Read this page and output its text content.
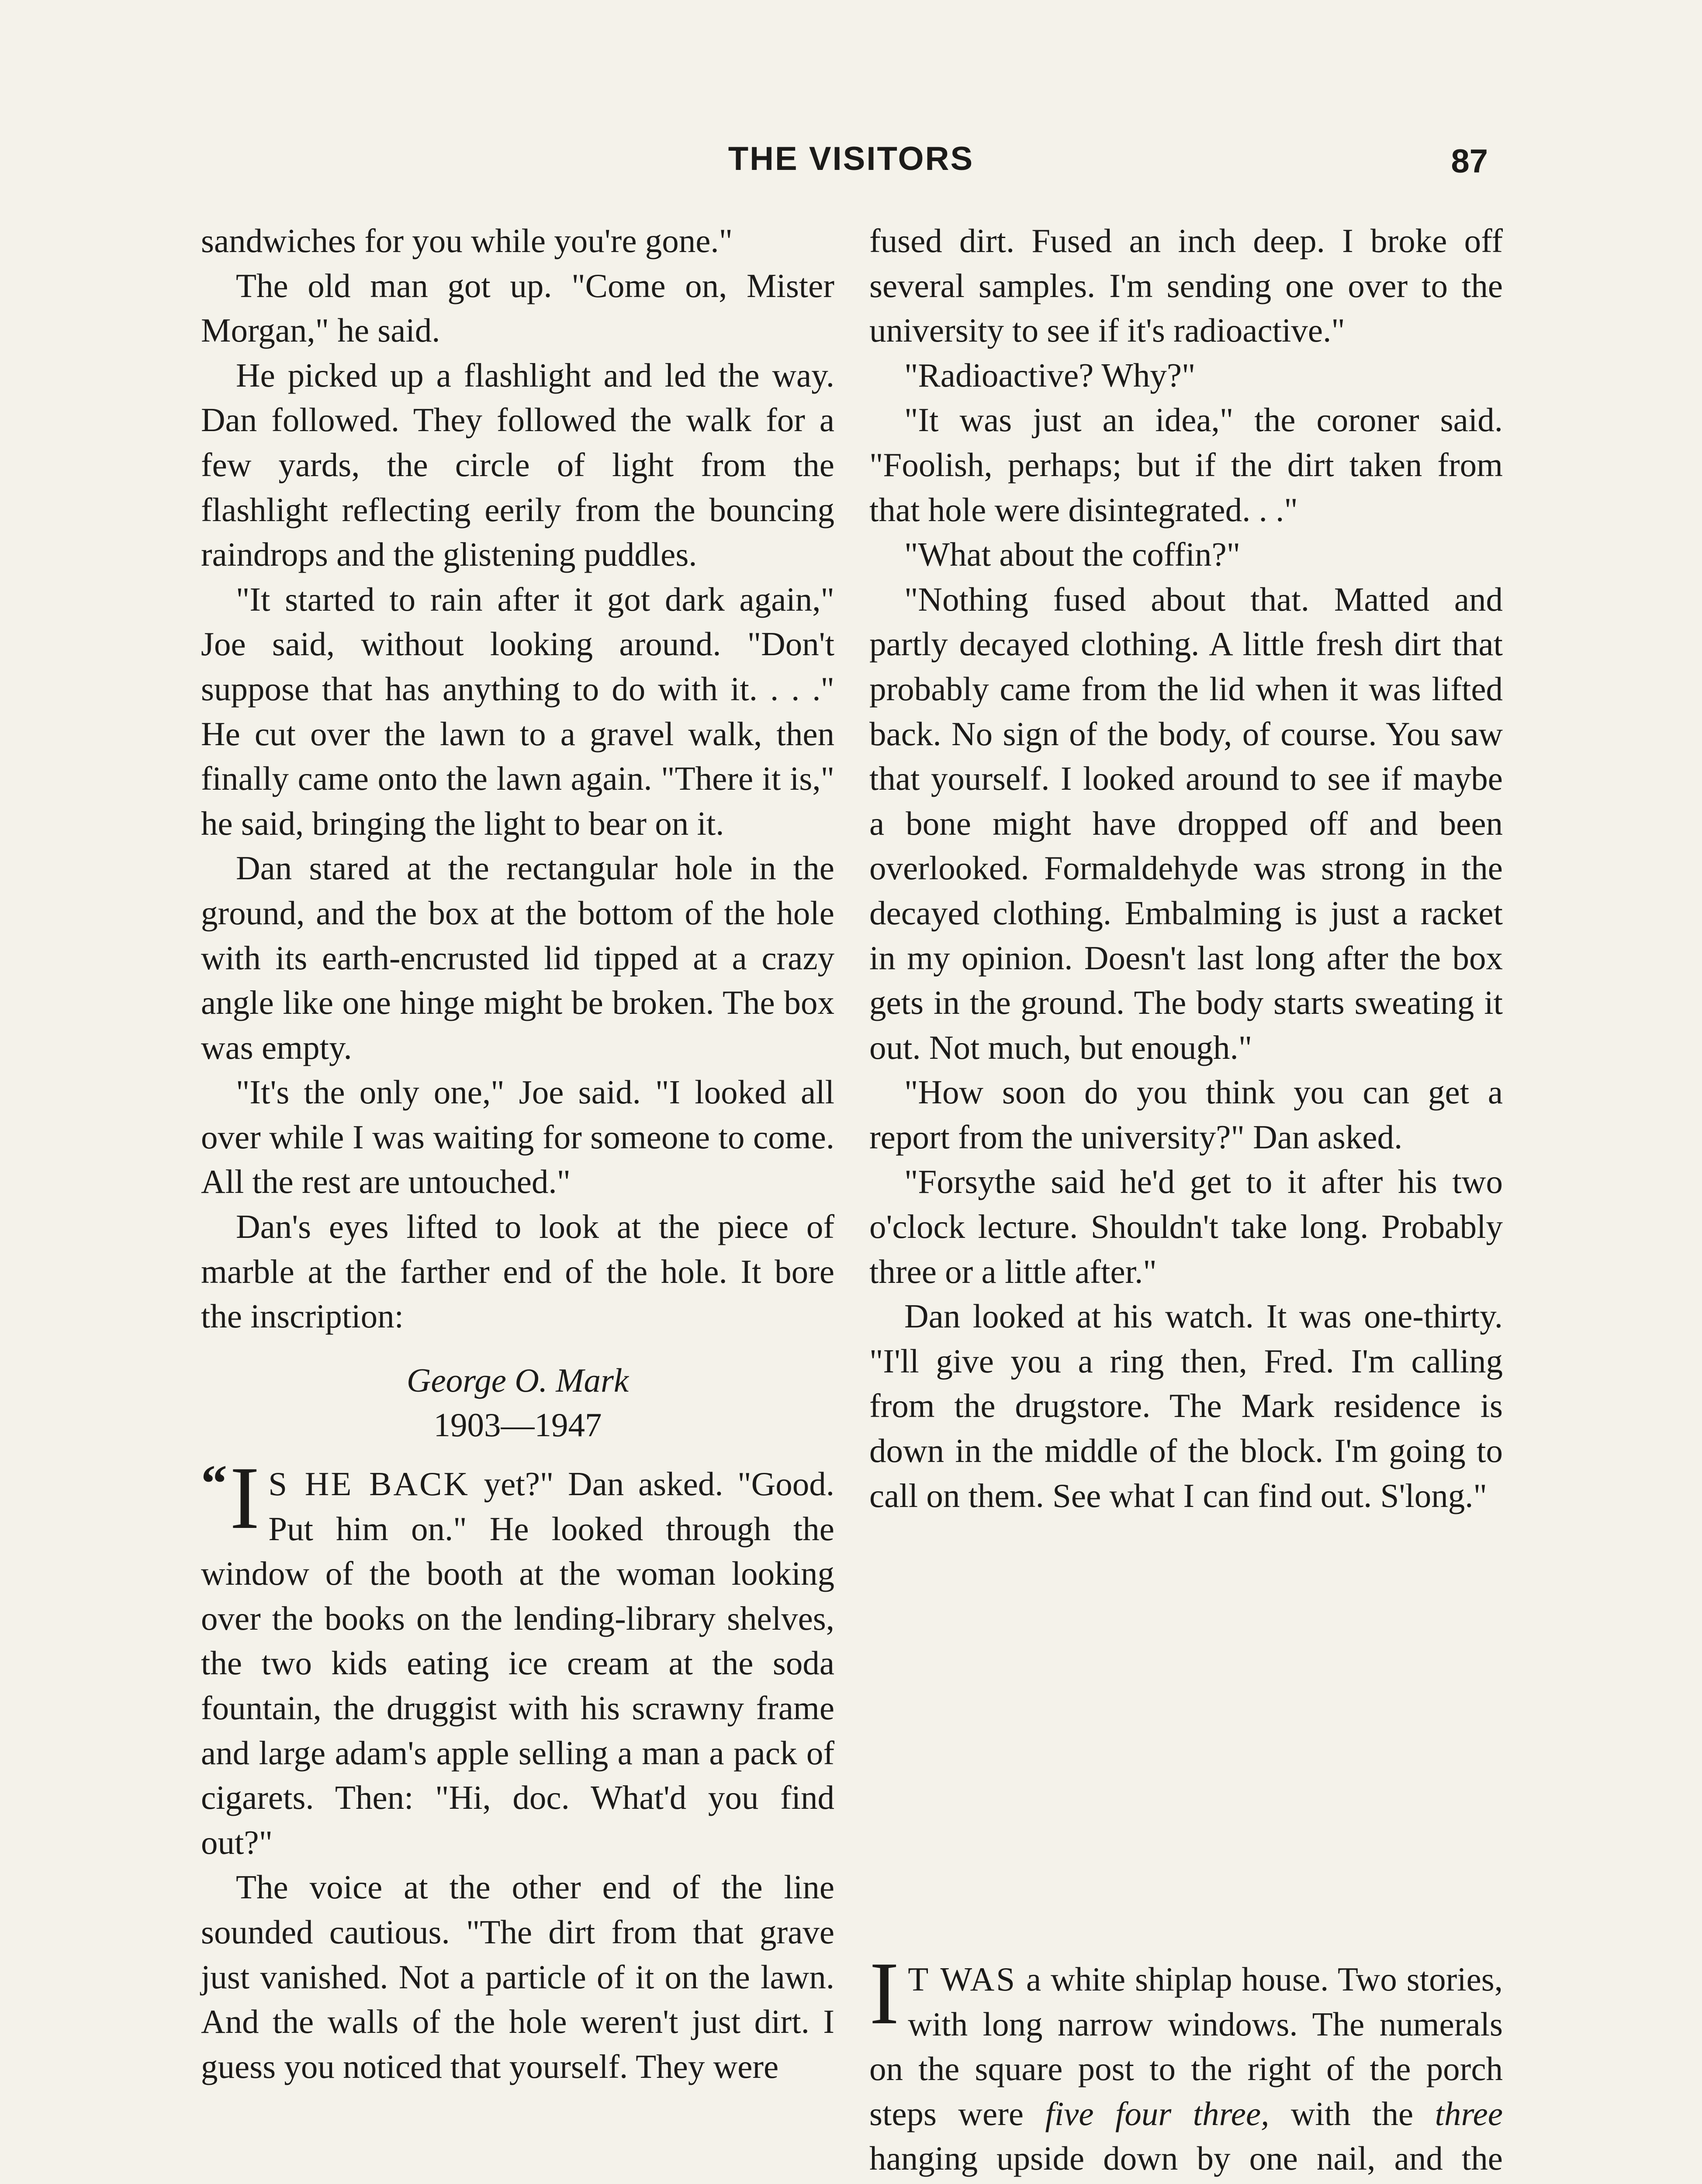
THE VISITORS	87

sandwiches for you while you're gone."

The old man got up. "Come on, Mister Morgan," he said.

He picked up a flashlight and led the way. Dan followed. They followed the walk for a few yards, the circle of light from the flashlight reflecting eerily from the bouncing raindrops and the glistening puddles.

"It started to rain after it got dark again," Joe said, without looking around. "Don't suppose that has anything to do with it. . . ." He cut over the lawn to a gravel walk, then finally came onto the lawn again. "There it is," he said, bringing the light to bear on it.

Dan stared at the rectangular hole in the ground, and the box at the bottom of the hole with its earth-encrusted lid tipped at a crazy angle like one hinge might be broken. The box was empty.

"It's the only one," Joe said. "I looked all over while I was waiting for someone to come. All the rest are untouched."

Dan's eyes lifted to look at the piece of marble at the farther end of the hole. It bore the inscription:

George O. Mark
1903—1947

“ I S HE BACK yet?" Dan asked. "Good. Put him on." He looked through the window of the booth at the woman looking over the books on the lending-library shelves, the two kids eating ice cream at the soda fountain, the druggist with his scrawny frame and large adam's apple selling a man a pack of cigarets. Then: "Hi, doc. What'd you find out?"

The voice at the other end of the line sounded cautious. "The dirt from that grave just vanished. Not a particle of it on the lawn. And the walls of the hole weren't just dirt. I guess you noticed that yourself. They were

fused dirt. Fused an inch deep. I broke off several samples. I'm sending one over to the university to see if it's radioactive."

"Radioactive? Why?"

"It was just an idea," the coroner said. "Foolish, perhaps; but if the dirt taken from that hole were disintegrated. . ."

"What about the coffin?"

"Nothing fused about that. Matted and partly decayed clothing. A little fresh dirt that probably came from the lid when it was lifted back. No sign of the body, of course. You saw that yourself. I looked around to see if maybe a bone might have dropped off and been overlooked. Formaldehyde was strong in the decayed clothing. Embalming is just a racket in my opinion. Doesn't last long after the box gets in the ground. The body starts sweating it out. Not much, but enough."

"How soon do you think you can get a report from the university?" Dan asked.

"Forsythe said he'd get to it after his two o'clock lecture. Shouldn't take long. Probably three or a little after."

Dan looked at his watch. It was one-thirty. "I'll give you a ring then, Fred. I'm calling from the drugstore. The Mark residence is down in the middle of the block. I'm going to call on them. See what I can find out. S'long."

I T WAS a white shiplap house. Two stories, with long narrow windows. The numerals on the square post to the right of the porch steps were five four three, with the three hanging upside down by one nail, and the
